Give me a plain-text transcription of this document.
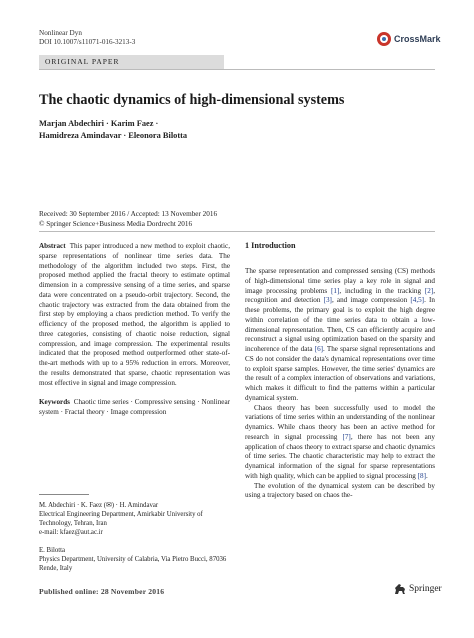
Nonlinear Dyn
DOI 10.1007/s11071-016-3213-3	CrossMark
ORIGINAL PAPER
The chaotic dynamics of high-dimensional systems
Marjan Abdechiri · Karim Faez ·
Hamidreza Amindavar · Eleonora Bilotta
Received: 30 September 2016 / Accepted: 13 November 2016
© Springer Science+Business Media Dordrecht 2016

Abstract This paper introduced a new method to exploit chaotic, sparse representations of nonlinear time series data. The methodology of the algorithm included two steps. First, the proposed method applied the fractal theory to estimate optimal dimension in a compressive sensing of a time series, and sparse data were concentrated on a pseudo-orbit trajectory. Second, the chaotic trajectory was extracted from the data obtained from the first step by employing a chaos prediction method. To verify the efficiency of the proposed method, the algorithm is applied to three categories, consisting of chaotic noise reduction, signal compression, and image compression. The experimental results indicated that the proposed method outperformed other state-of-the-art methods with up to a 95% reduction in errors. Moreover, the results demonstrated that sparse, chaotic representation was most effective in signal and image compression.

Keywords Chaotic time series · Compressive sensing · Nonlinear system · Fractal theory · Image compression

M. Abdechiri · K. Faez (✉) · H. Amindavar
Electrical Engineering Department, Amirkabir University of Technology, Tehran, Iran
e-mail: kfaez@aut.ac.ir

E. Bilotta
Physics Department, University of Calabria, Via Pietro Bucci, 87036 Rende, Italy

Published online: 28 November 2016	Springer
1 Introduction

The sparse representation and compressed sensing (CS) methods of high-dimensional time series play a key role in signal and image processing problems [1], including in the tracking [2], recognition and detection [3], and image compression [4,5]. In these problems, the primary goal is to exploit the high degree within correlation of the time series data to obtain a low-dimensional representation. Then, CS can efficiently acquire and reconstruct a signal using optimization based on the sparsity and incoherence of the data [6]. The sparse signal representations and CS do not consider the data's dynamical representations over time to exploit sparse samples. However, the time series' dynamics are the result of a complex interaction of observations and variations, which makes it difficult to find the patterns within a particular dynamical system.

Chaos theory has been successfully used to model the variations of time series within an understanding of the nonlinear dynamics. While chaos theory has been an active method for research in signal processing [7], there has not been any application of chaos theory to extract sparse and chaotic dynamics of time series. The chaotic characteristic may help to extract the dynamical information of the signal for sparse representations with high quality, which can be applied to signal processing [8].

The evolution of the dynamical system can be described by using a trajectory based on chaos the-
